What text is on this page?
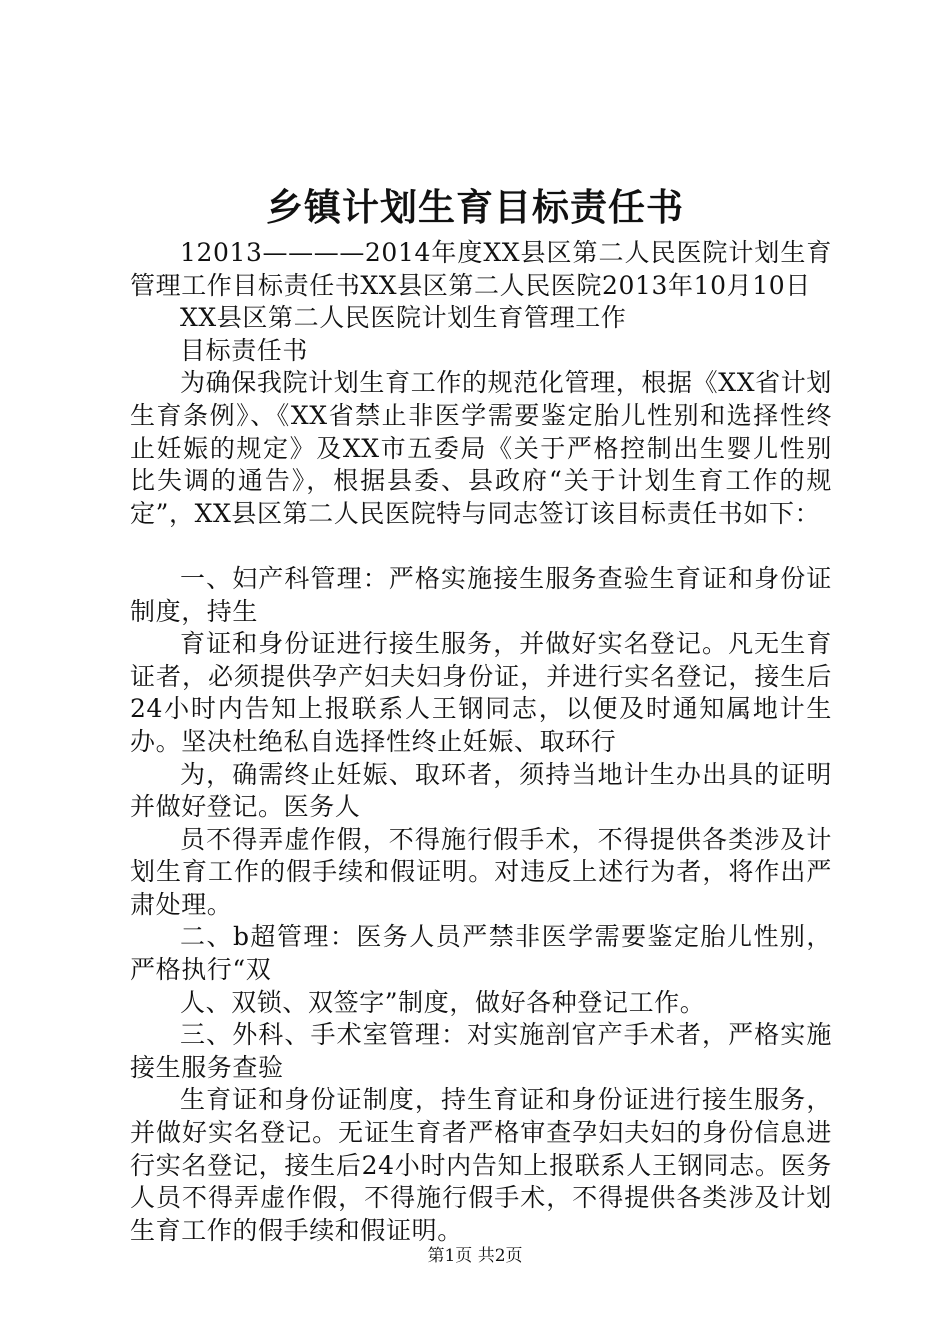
乡镇计划生育目标责任书

12013————2014年度XX县区第二人民医院计划生育管理工作目标责任书XX县区第二人民医院2013年10月10日

XX县区第二人民医院计划生育管理工作

目标责任书

为确保我院计划生育工作的规范化管理，根据《XX省计划生育条例》、《XX省禁止非医学需要鉴定胎儿性别和选择性终止妊娠的规定》及XX市五委局《关于严格控制出生婴儿性别比失调的通告》，根据县委、县政府“关于计划生育工作的规定”，XX县区第二人民医院特与同志签订该目标责任书如下：

一、妇产科管理：严格实施接生服务查验生育证和身份证制度，持生

育证和身份证进行接生服务，并做好实名登记。凡无生育证者，必须提供孕产妇夫妇身份证，并进行实名登记，接生后24小时内告知上报联系人王钢同志，以便及时通知属地计生办。坚决杜绝私自选择性终止妊娠、取环行

为，确需终止妊娠、取环者，须持当地计生办出具的证明并做好登记。医务人

员不得弄虚作假，不得施行假手术，不得提供各类涉及计划生育工作的假手续和假证明。对违反上述行为者，将作出严肃处理。

二、b超管理：医务人员严禁非医学需要鉴定胎儿性别，严格执行“双

人、双锁、双签字”制度，做好各种登记工作。

三、外科、手术室管理：对实施剖官产手术者，严格实施接生服务查验

生育证和身份证制度，持生育证和身份证进行接生服务，并做好实名登记。无证生育者严格审查孕妇夫妇的身份信息进行实名登记，接生后24小时内告知上报联系人王钢同志。医务人员不得弄虚作假，不得施行假手术，不得提供各类涉及计划生育工作的假手续和假证明。

第1页 共2页
